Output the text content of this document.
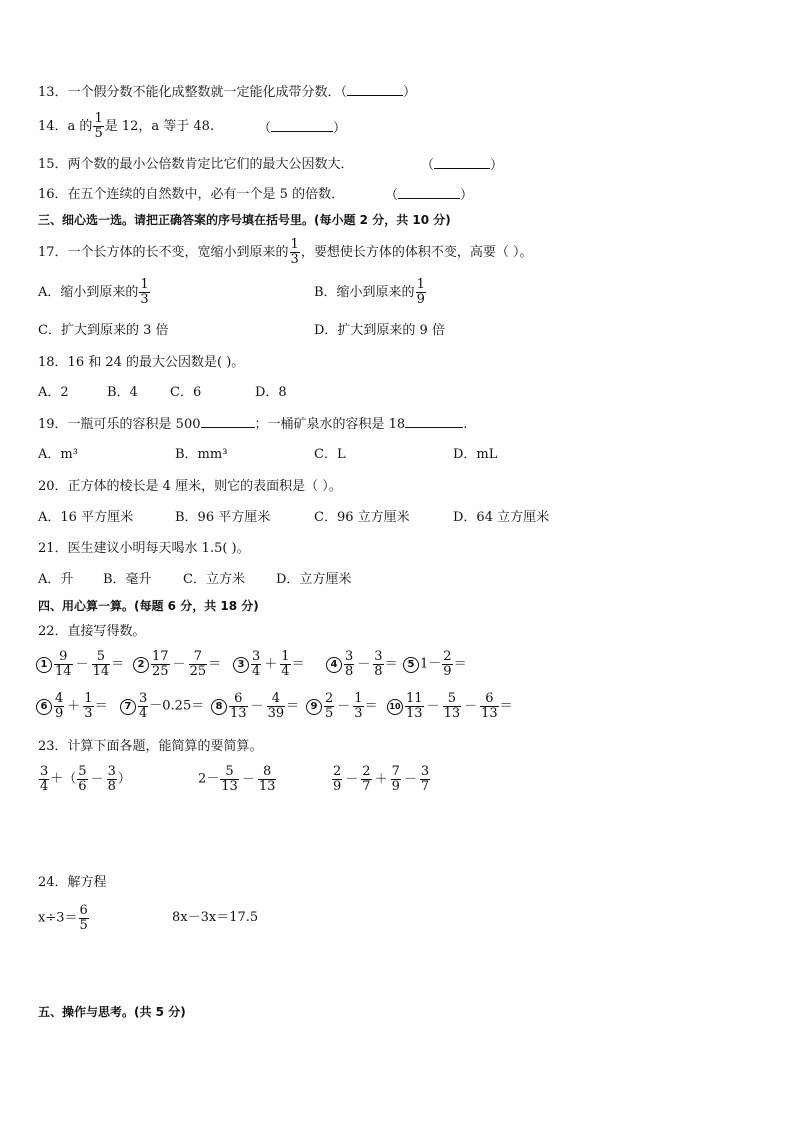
13．一个假分数不能化成整数就一定能化成带分数．（	）
14．a 的 $\frac{1}{5}$ 是 12，a 等于 48.	（	）
15．两个数的最小公倍数肯定比它们的最大公因数大．	（	）
16．在五个连续的自然数中，必有一个是 5 的倍数．	（	）
三、细心选一选。请把正确答案的序号填在括号里。(每小题 2 分，共 10 分)
17．一个长方体的长不变，宽缩小到原来的 $\frac{1}{3}$ ，要想使长方体的体积不变，高要（ ）。
A．缩小到原来的 $\frac{1}{3}$	B．缩小到原来的 $\frac{1}{9}$
C．扩大到原来的 3 倍	D．扩大到原来的 9 倍
18．16 和 24 的最大公因数是( )。
A．2	B．4 C．6	D．8
19．一瓶可乐的容积是 500	；一桶矿泉水的容积是 18	.
A．m³	B．mm³	C．L	D．mL
20．正方体的棱长是 4 厘米，则它的表面积是（ ）。
A．16 平方厘米	B．96 平方厘米	C．96 立方厘米	D．64 立方厘米
21．医生建议小明每天喝水 1.5( )。
A．升 B．毫升 C．立方米 D．立方厘米
四、用心算一算。(每题 6 分，共 18 分)
22．直接写得数。
$1 \frac{9}{14} - \frac{5}{14}$ ＝	$2 \frac{17}{25} - \frac{7}{25}$ ＝	$3 \frac{3}{4} + \frac{1}{4}$ ＝	$4 \frac{3}{8} - \frac{3}{8} = 5$ $1- \frac{2}{9}$ ＝
$6 \frac{4}{9} + \frac{1}{3}$ ＝	$7 \frac{3}{4} -0.25=$	$8 \frac{6}{13} - \frac{4}{39}$ ＝	$9 \frac{2}{5} - \frac{1}{3}$ ＝	$10 \frac{11}{13} - \frac{5}{13} - \frac{6}{13}$ ＝
23．计算下面各题，能简算的要简算。
$\frac{3}{4}$ ＋（ $\frac{5}{6} - \frac{3}{8}$ ）	$2- \frac{5}{13} - \frac{8}{13}$	$\frac{2}{9} - \frac{2}{7} + \frac{7}{9} - \frac{3}{7}$
24．解方程
$x\div 3= \frac{6}{5}$	8x－3x＝17.5
五、操作与思考。(共 5 分)
